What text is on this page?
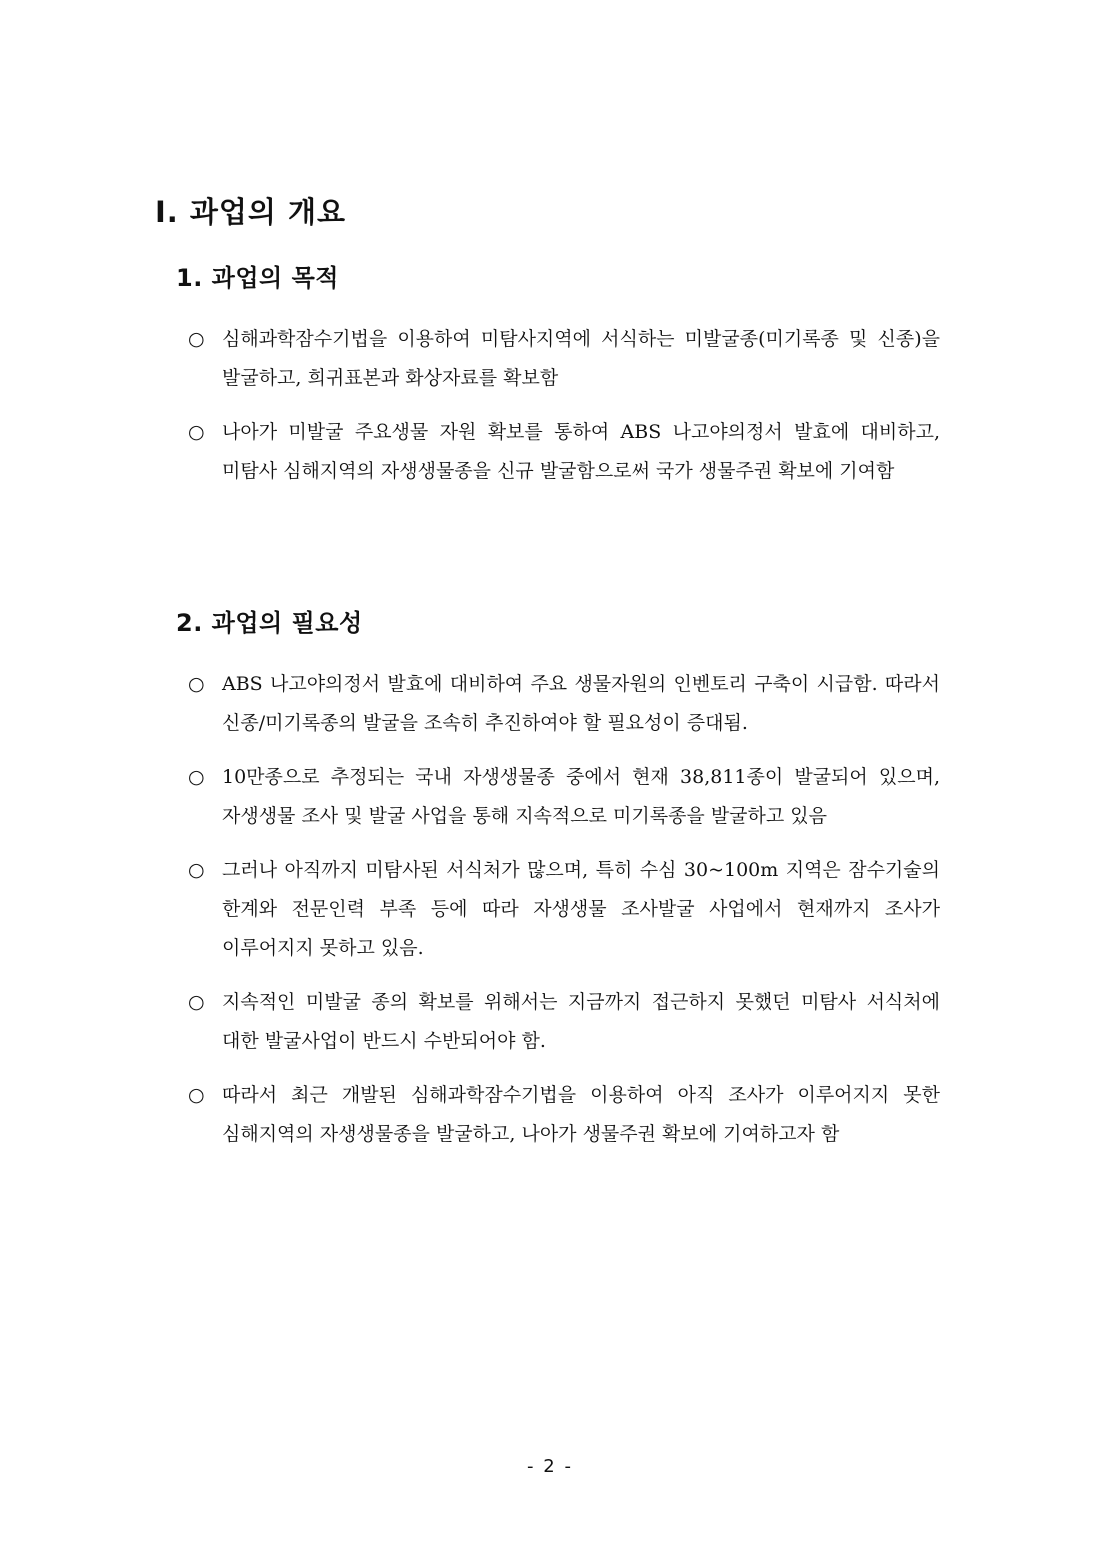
I. 과업의 개요
1. 과업의 목적
○ 심해과학잠수기법을 이용하여 미탐사지역에 서식하는 미발굴종(미기록종 및 신종)을 발굴하고, 희귀표본과 화상자료를 확보함
○ 나아가 미발굴 주요생물 자원 확보를 통하여 ABS 나고야의정서 발효에 대비하고, 미탐사 심해지역의 자생생물종을 신규 발굴함으로써 국가 생물주권 확보에 기여함
2. 과업의 필요성
○ ABS 나고야의정서 발효에 대비하여 주요 생물자원의 인벤토리 구축이 시급함. 따라서 신종/미기록종의 발굴을 조속히 추진하여야 할 필요성이 증대됨.
○ 10만종으로 추정되는 국내 자생생물종 중에서 현재 38,811종이 발굴되어 있으며, 자생생물 조사 및 발굴 사업을 통해 지속적으로 미기록종을 발굴하고 있음
○ 그러나 아직까지 미탐사된 서식처가 많으며, 특히 수심 30~100m 지역은 잠수기술의 한계와 전문인력 부족 등에 따라 자생생물 조사발굴 사업에서 현재까지 조사가 이루어지지 못하고 있음.
○ 지속적인 미발굴 종의 확보를 위해서는 지금까지 접근하지 못했던 미탐사 서식처에 대한 발굴사업이 반드시 수반되어야 함.
○ 따라서 최근 개발된 심해과학잠수기법을 이용하여 아직 조사가 이루어지지 못한 심해지역의 자생생물종을 발굴하고, 나아가 생물주권 확보에 기여하고자 함
- 2 -
